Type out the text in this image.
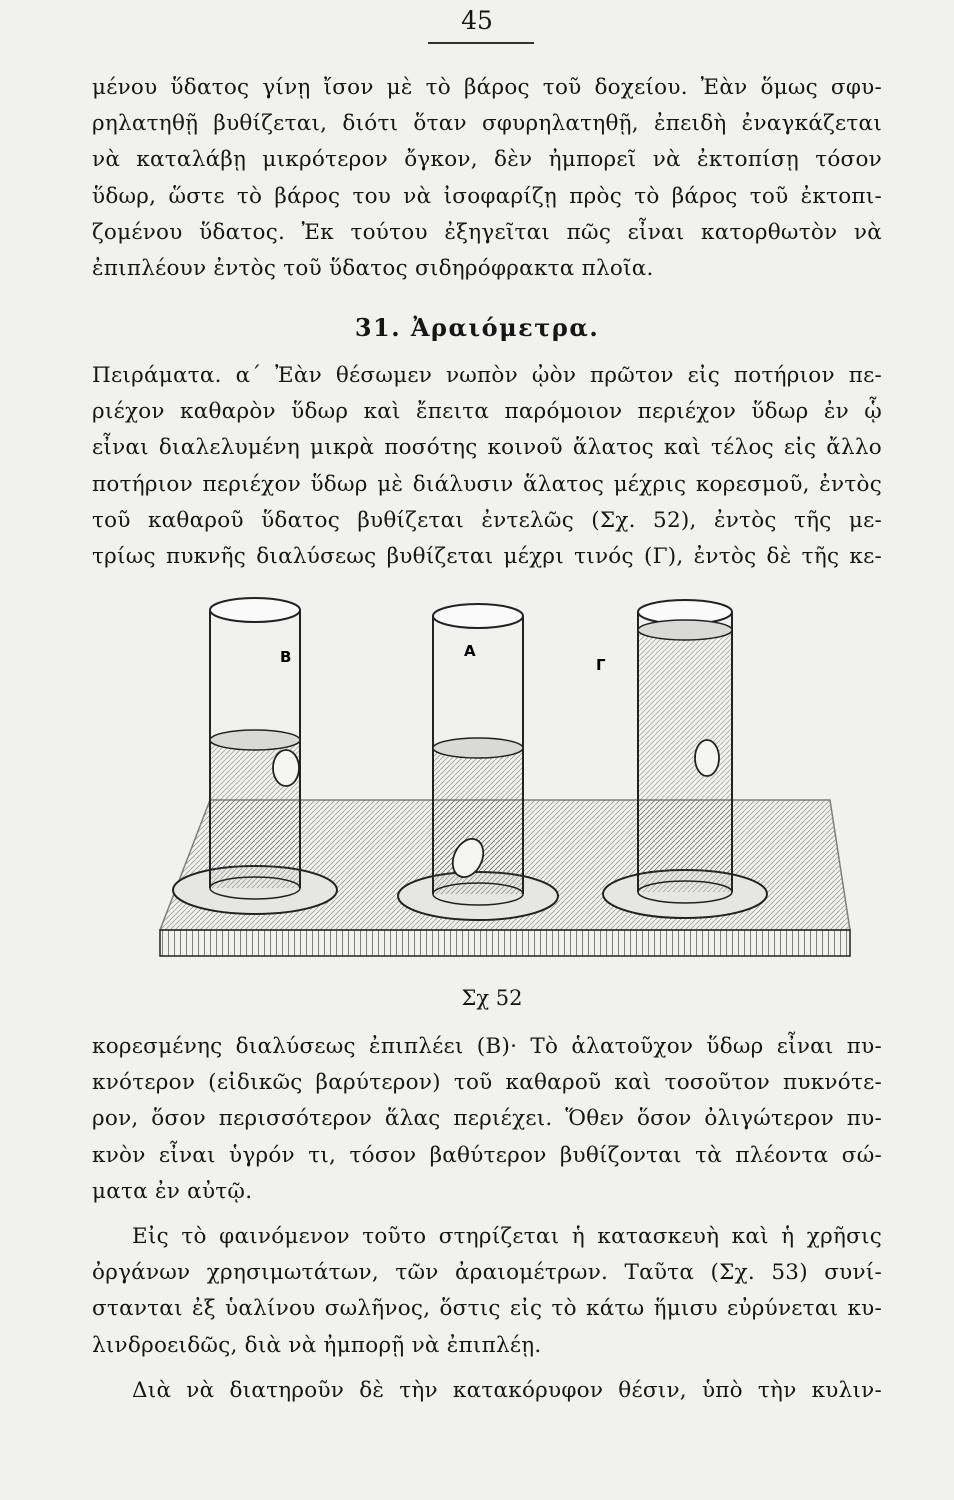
45
μένου ὕδατος γίνῃ ἴσον μὲ τὸ βάρος τοῦ δοχείου. Ἐὰν ὅμως σφυ-
ρηλατηθῇ βυθίζεται, διότι ὅταν σφυρηλατηθῇ, ἐπειδὴ ἐναγκάζεται
νὰ καταλάβῃ μικρότερον ὄγκον, δὲν ἠμπορεῖ νὰ ἐκτοπίσῃ τόσον
ὕδωρ, ὥστε τὸ βάρος του νὰ ἰσοφαρίζῃ πρὸς τὸ βάρος τοῦ ἐκτοπι-
ζομένου ὕδατος. Ἐκ τούτου ἐξηγεῖται πῶς εἶναι κατορθωτὸν νὰ
ἐπιπλέουν ἐντὸς τοῦ ὕδατος σιδηρόφρακτα πλοῖα.
31. Ἀραιόμετρα.
Πειράματα. α΄ Ἐὰν θέσωμεν νωπὸν ᾠὸν πρῶτον εἰς ποτήριον πε-
ριέχον καθαρὸν ὕδωρ καὶ ἔπειτα παρόμοιον περιέχον ὕδωρ ἐν ᾧ
εἶναι διαλελυμένη μικρὰ ποσότης κοινοῦ ἅλατος καὶ τέλος εἰς ἄλλο
ποτήριον περιέχον ὕδωρ μὲ διάλυσιν ἅλατος μέχρις κορεσμοῦ, ἐντὸς
τοῦ καθαροῦ ὕδατος βυθίζεται ἐντελῶς (Σχ. 52), ἐντὸς τῆς με-
τρίως πυκνῆς διαλύσεως βυθίζεται μέχρι τινός (Γ), ἐντὸς δὲ τῆς κε-
Β	Α
Γ
Σχ 52
κορεσμένης διαλύσεως ἐπιπλέει (Β)· Τὸ ἁλατοῦχον ὕδωρ εἶναι πυ-
κνότερον (εἰδικῶς βαρύτερον) τοῦ καθαροῦ καὶ τοσοῦτον πυκνότε-
ρον, ὅσον περισσότερον ἅλας περιέχει. Ὅθεν ὅσον ὀλιγώτερον πυ-
κνὸν εἶναι ὑγρόν τι, τόσον βαθύτερον βυθίζονται τὰ πλέοντα σώ-
ματα ἐν αὐτῷ.
Εἰς τὸ φαινόμενον τοῦτο στηρίζεται ἡ κατασκευὴ καὶ ἡ χρῆσις
ὀργάνων χρησιμωτάτων, τῶν ἀραιομέτρων. Ταῦτα (Σχ. 53) συνί-
στανται ἐξ ὑαλίνου σωλῆνος, ὅστις εἰς τὸ κάτω ἥμισυ εὐρύνεται κυ-
λινδροειδῶς, διὰ νὰ ἠμπορῇ νὰ ἐπιπλέῃ.
Διὰ νὰ διατηροῦν δὲ τὴν κατακόρυφον θέσιν, ὑπὸ τὴν κυλιν-
